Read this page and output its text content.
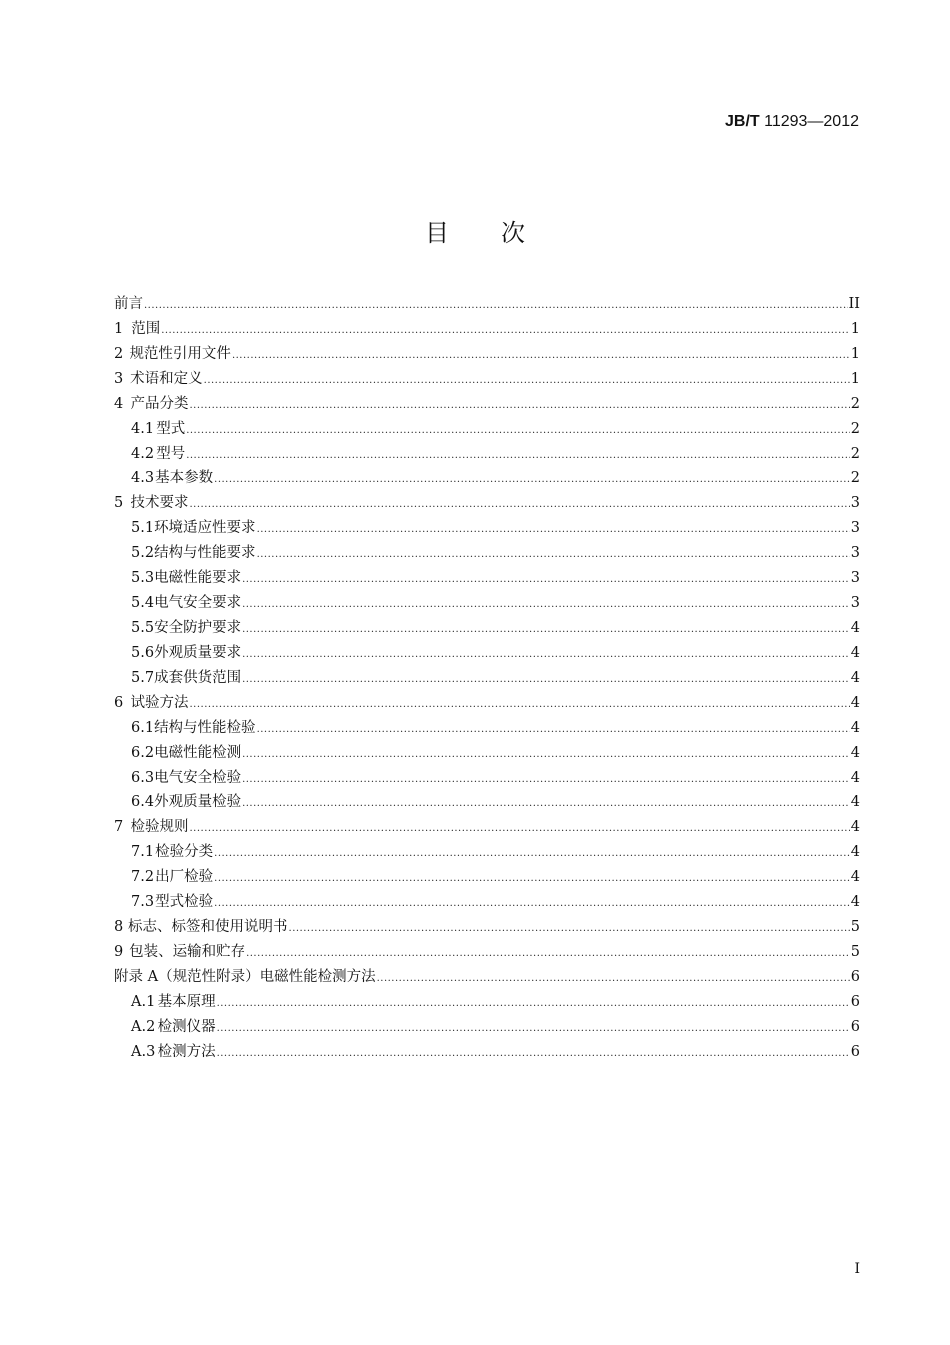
JB/T 11293—2012
目次
前言 .....	II
1 范围 .....	1
2 规范性引用文件 .....	1
3 术语和定义 .....	1
4 产品分类 .....	2
4.1 型式 .....	2
4.2 型号 .....	2
4.3 基本参数 .....	2
5 技术要求 .....	3
5.1 环境适应性要求 .....	3
5.2 结构与性能要求 .....	3
5.3 电磁性能要求 .....	3
5.4 电气安全要求 .....	3
5.5 安全防护要求 .....	4
5.6 外观质量要求 .....	4
5.7 成套供货范围 .....	4
6 试验方法 .....	4
6.1 结构与性能检验 .....	4
6.2 电磁性能检测 .....	4
6.3 电气安全检验 .....	4
6.4 外观质量检验 .....	4
7 检验规则 .....	4
7.1 检验分类 .....	4
7.2 出厂检验 .....	4
7.3 型式检验 .....	4
8 标志、标签和使用说明书 .....	5
9 包装、运输和贮存 .....	5
附录 A（规范性附录）电磁性能检测方法 .....	6
A.1 基本原理 .....	6
A.2 检测仪器 .....	6
A.3 检测方法 .....	6
I
